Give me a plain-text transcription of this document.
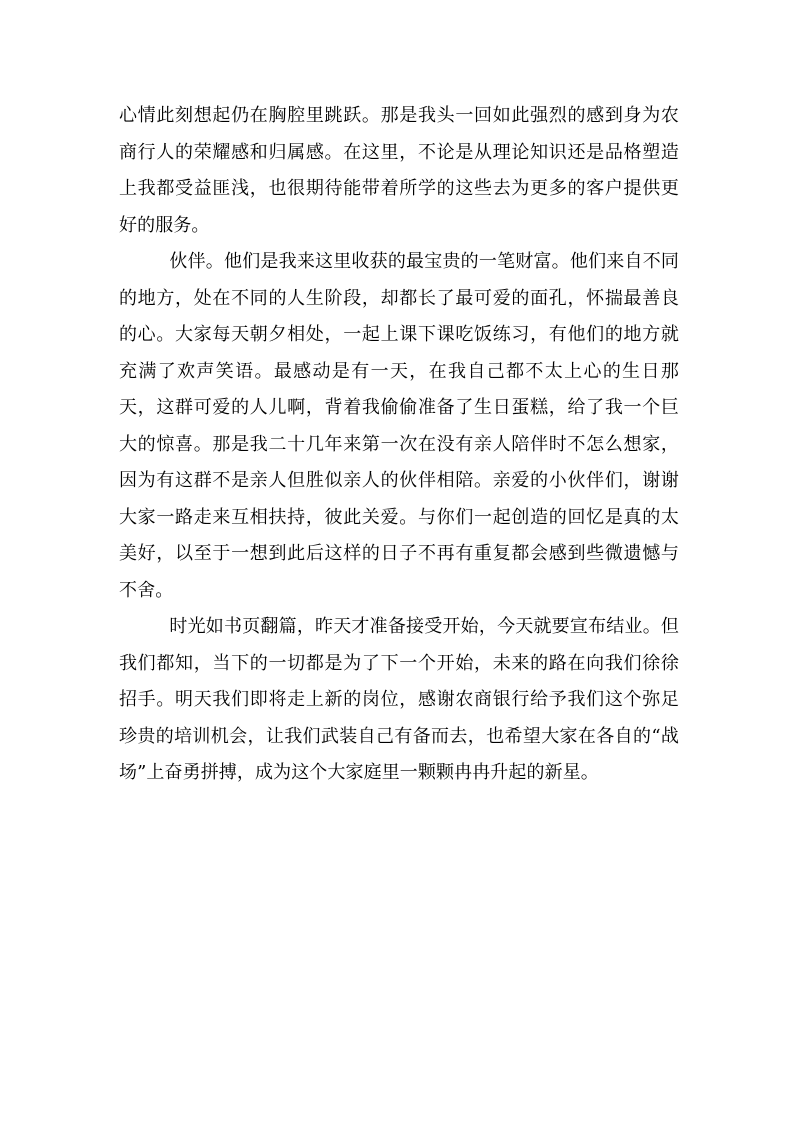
心情此刻想起仍在胸腔里跳跃。那是我头一回如此强烈的感到身为农商行人的荣耀感和归属感。在这里，不论是从理论知识还是品格塑造上我都受益匪浅，也很期待能带着所学的这些去为更多的客户提供更好的服务。

伙伴。他们是我来这里收获的最宝贵的一笔财富。他们来自不同的地方，处在不同的人生阶段，却都长了最可爱的面孔，怀揣最善良的心。大家每天朝夕相处，一起上课下课吃饭练习，有他们的地方就充满了欢声笑语。最感动是有一天，在我自己都不太上心的生日那天，这群可爱的人儿啊，背着我偷偷准备了生日蛋糕，给了我一个巨大的惊喜。那是我二十几年来第一次在没有亲人陪伴时不怎么想家，因为有这群不是亲人但胜似亲人的伙伴相陪。亲爱的小伙伴们，谢谢大家一路走来互相扶持，彼此关爱。与你们一起创造的回忆是真的太美好，以至于一想到此后这样的日子不再有重复都会感到些微遗憾与不舍。

时光如书页翻篇，昨天才准备接受开始，今天就要宣布结业。但我们都知，当下的一切都是为了下一个开始，未来的路在向我们徐徐招手。明天我们即将走上新的岗位，感谢农商银行给予我们这个弥足珍贵的培训机会，让我们武装自己有备而去，也希望大家在各自的“战场”上奋勇拼搏，成为这个大家庭里一颗颗冉冉升起的新星。
